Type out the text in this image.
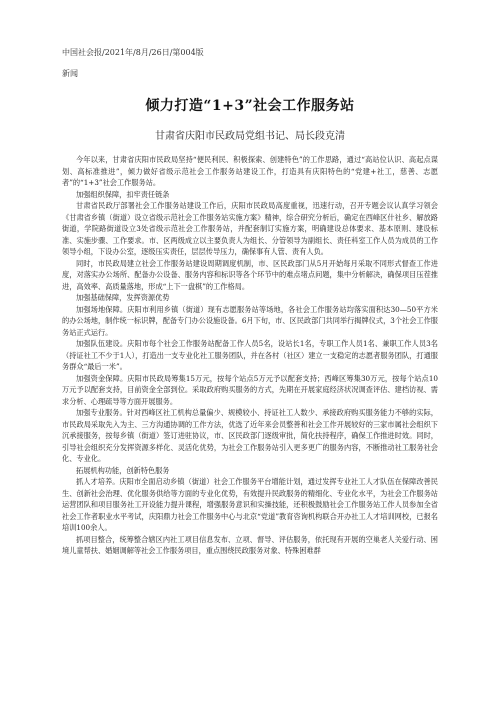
中国社会报/2021年/8月/26日/第004版
新闻
倾力打造“1+3”社会工作服务站
甘肃省庆阳市民政局党组书记、局长段克清

今年以来，甘肃省庆阳市民政局坚持“便民利民、积极探索、创建特色”的工作思路，通过“高站位认识、高起点谋划、高标准推进”，倾力做好省级示范社会工作服务站建设工作，打造具有庆阳特色的“党建+社工，慈善、志愿者”的“1+3”社会工作服务站。

加强组织保障，扣牢责任链条

甘肃省民政厅部署社会工作服务站建设工作后，庆阳市民政局高度重视，迅速行动，召开专题会议认真学习领会《甘肃省乡镇（街道）设立省级示范社会工作服务站实施方案》精神，综合研究分析后，确定在西峰区什社乡、解放路街道，学院路街道设立3处省级示范社会工作服务站，并配套制订实施方案，明确建设总体要求、基本原则、建设标准、实施步骤、工作要求。市、区两级成立以主要负责人为组长、分管领导为副组长、责任科室工作人员为成员的工作领导小组，下设办公室，逐级压实责任，层层传导压力，确保事有人管、责有人负。

同时，市民政局建立社会工作服务站建设周期调度机制，市、区民政部门从5月开始每月采取不同形式督查工作进度，对落实办公场所、配备办公设备、服务内容和标识等各个环节中的难点堵点问题，集中分析解决，确保项目压茬推进，高效率、高质量落地，形成“上下一盘棋”的工作格局。

加强基础保障，发挥资源优势

加强场地保障。庆阳市利用乡镇（街道）现有志愿服务站等场地，各社会工作服务站均落实面积达30—50平方米的办公场地，制作统一标识牌，配备专门办公设施设备。6月下旬，市、区民政部门共同举行揭牌仪式，3个社会工作服务站正式运行。

加强队伍建设。庆阳市每个社会工作服务站配备工作人员5名，设站长1名，专职工作人员1名、兼职工作人员3名（持证社工不少于1人），打造出一支专业化社工服务团队，并在各村（社区）建立一支稳定的志愿者服务团队，打通服务群众“最后一米”。

加强资金保障。庆阳市民政局筹集15万元，按每个站点5万元予以配套支持；西峰区筹集30万元，按每个站点10万元予以配套支持，目前资金全部到位。采取政府购买服务的方式，先期在开展家庭经济状况调查评估、建档访视、需求分析、心理疏导等方面开展服务。

加强专业服务。针对西峰区社工机构总量偏少、规模较小、持证社工人数少、承接政府购买服务能力不够的实际，市民政局采取先入为主、三方沟通协调的工作方法，优选了近年来会员整善和社会工作开展较好的三家市属社会组织下沉承接服务，按每乡镇（街道）签订进驻协议，市、区民政部门逐级审批，简化扶持程序，确保工作推进时效。同时，引导社会组织充分发挥资源多样化、灵活化优势，为社会工作服务站引入更多更广的服务内容，不断推动社工服务社会化、专业化。

拓展机构功能，创新特色服务

抓人才培养。庆阳市全面启动乡镇（街道）社会工作服务平台增能计划，通过发挥专业社工人才队伍在保障改善民生、创新社会治理、优化服务供给等方面的专业化优势，有效提升民政服务的精细化、专业化水平，为社会工作服务站运营团队和项目服务社工开设能力提升课程，增强服务意识和实操技能，还积极鼓励社会工作服务站工作人员参加全省社会工作者职业水平考试，庆阳鼎力社会工作服务中心与北京“党道”教育咨询机构联合开办社工人才培训网校，已报名培训100余人。

抓项目整合，统筹整合辖区内社工项目信息发布、立项、督导、评估服务，依托现有开展的空巢老人关爱行动、困境儿童帮扶、婚姻调解等社会工作服务项目，重点围绕民政服务对象、特殊困难群
